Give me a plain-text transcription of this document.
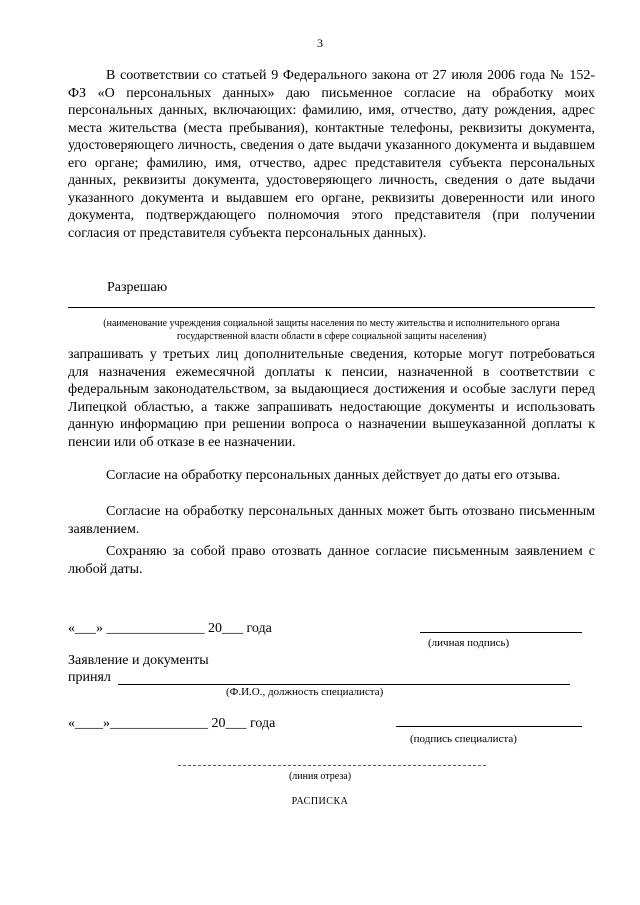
3
В соответствии со статьей 9 Федерального закона от 27 июля 2006 года № 152-ФЗ «О персональных данных» даю письменное согласие на обработку моих персональных данных, включающих: фамилию, имя, отчество, дату рождения, адрес места жительства (места пребывания), контактные телефоны, реквизиты документа, удостоверяющего личность, сведения о дате выдачи указанного документа и выдавшем его органе; фамилию, имя, отчество, адрес представителя субъекта персональных данных, реквизиты документа, удостоверяющего личность, сведения о дате выдачи указанного документа и выдавшем его органе, реквизиты доверенности или иного документа, подтверждающего полномочия этого представителя (при получении согласия от представителя субъекта персональных данных).
Разрешаю
(наименование учреждения социальной защиты населения по месту жительства и исполнительного органа государственной власти области в сфере социальной защиты населения)
запрашивать у третьих лиц дополнительные сведения, которые могут потребоваться для назначения ежемесячной доплаты к пенсии, назначенной в соответствии с федеральным законодательством, за выдающиеся достижения и особые заслуги перед Липецкой областью, а также запрашивать недостающие документы и использовать данную информацию при решении вопроса о назначении вышеуказанной доплаты к пенсии или об отказе в ее назначении.
Согласие на обработку персональных данных действует до даты его отзыва.
Согласие на обработку персональных данных может быть отозвано письменным заявлением.
Сохраняю за собой право отозвать данное согласие письменным заявлением с любой даты.
«___» ______________ 20___ года
(личная подпись)
Заявление и документы
принял
(Ф.И.О., должность специалиста)
«____»______________ 20___ года
(подпись специалиста)
(линия отреза)
РАСПИСКА
